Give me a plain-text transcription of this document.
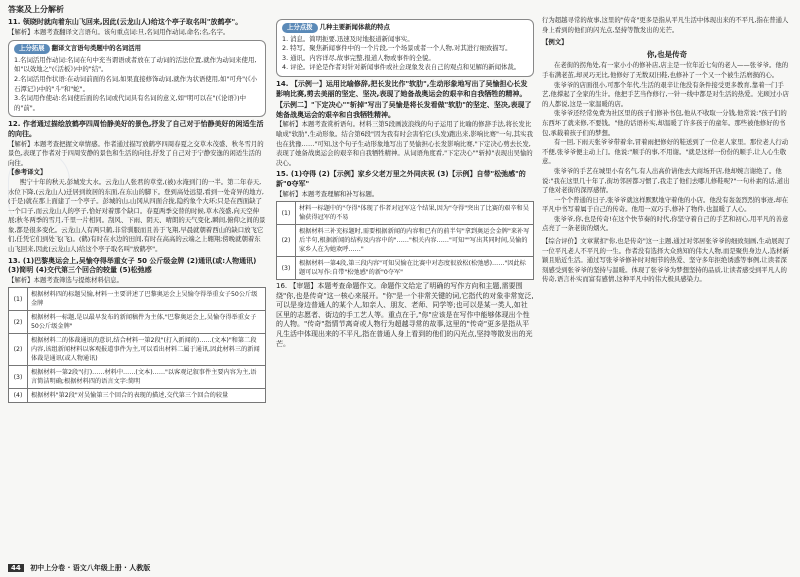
答案及上分解析

11. 领晓时就向着东山飞回来,因此(云龙山人)给这个亭子取名叫"放鹤亭"。

【解析】本题考查翻译文言语句。该句重点词:旦,名词用作动词,命名;名,名字。

上分拓展 翻译文言语句类题中的名词活用

1.名词活用作动词:名词在句中充当谓语或者放在了动词的活法位置,就作为动词来使用,如"以效地之"(《活板》)中的"结"。

2.名词活用作状语:在动词前面的名词,如果直接修饰动词,就作为状语使用,如"可舟"(《小石潭记》)中的"斗"和"蛇"。

3.名词用作使动:名词使后面的名词或代词具有名词的意义,如"明可以在"(《论语》)中的"前"。

12. 作者通过描绘放鹤亭四周怡静美好的景色,抒发了自己对于怡静美好的闲适生活的向往。

【解析】本题考查把握文章情感。作者通过描写放鹤亭四周春夏之交草木茂盛、秋冬雪月的景色,表现了作者对于四周安静的景色和生活的向往,抒发了自己对于宁静安逸的闲适生活的向往。

【参考译文】

熙宁十年的秋天,彭城发大水。云龙山人张君的草堂,(被)水淹到门的一半。第二年春天,水位下降,(云龙山人)迁居到故居的东面,在东山的脚下。登到高处远望,看到一处奇异的地方,(于是)就在那上面建了一个亭子。彭城的山,山冈从四面合拢,隐约象个大环;只是在西面缺了一个口子,而云龙山人的亭子,恰好对着那个缺口。春夏两季交替的时候,草木茂盛,向天空伸展;秋冬两季的雪月,千里一片相同。刮风、下雨、阴天、晴朗的天气变化,瞬间,俯仰之间的景象,都是很多变化。云龙山人有两只鹤,非常驯服而且善于飞翔,早晨就朝着西山的缺口放飞它们,任凭它们到处飞(飞)。(鹤)有时在水边的田间,有时在高高的云端之上翱翔;傍晚就朝着东山飞回来,因此(云龙山人)给这个亭子取名叫"放鹤亭"。

13. (1)巴黎奥运会上,吴愉夺得举重女子 50 公斤级金牌 (2)通讯(或:人物通讯) (3)简明 (4)交代第三个回合的较量 (5)松弛感

【解析】本题考查筛选与提炼材料信息。

(1)	根据材料四的标题吴愉,材料一主要讲述了巴黎奥运会上吴愉夺得举重女子50公斤级金牌
(2)	根据材料一标题,是以最早发布的新闻稿件为主体,"巴黎奥运会上,吴愉夺得举重女子50公斤级金牌"
(2)	根据材料二的体裁通讯的意识,结合材料一第2段"(打入新闻的)……(文本)"和第二段内容,该组新闻材料以客观报道事件为主,可以看出材料二属于通讯,因此材料三的新闻体裁是通讯(或人物通讯)
(3)	根据材料一第2段"(打)……材料中……(文本)……"以客观记叙事件主要内容为主,语言简洁明确;根据材料四的语言文字:简明
(4)	根据材料"第2段"对吴愉第三个回合的表现的描述,交代第三个回合的较量
上分点拨 几种主要新闻体裁的特点

1. 消息。简明扼要,迅速及时地报道新闻事实。

2. 特写。聚焦新闻事件中的一个片段,一个场景或者一个人物,对其进行细致描写。

3. 通讯。内容详尽,故事完整,报道人物或事件的全貌。

4. 评论。评论是作者对针对新闻事件或社会现象发表自己的观点和见解的新闻体裁。

14. 【示例一】运用比喻修辞,把长发比作"软肋",生动形象地写出了吴愉担心长发影响比赛,剪去美丽的坚定、坚决,表现了她备战奥运会的艰辛和自我牺牲的精神。

【示例二】"下定决心""斩掉"写出了吴愉是将长发看做"软肋"的坚定、坚决,表现了她备战奥运会的艰辛和自我牺牲精神。

【解析】本题考查赏析语句。材料三第5段画波浪线的句子运用了比喻的修辞手法,将长发比喻成"软肋",生动形象。结合第6段"因为我有时会害怕它(头发)跑出来,影响比赛"一句,其实我也在犹豫……"可知,这个句子生动形象地写出了吴愉担心长发影响比赛,"下定决心剪去长发,表现了她备战奥运会的艰辛和自我牺牲精神。从词语角度看,"下定决心""斩掉"表现出吴愉的决心。

15. (1)夺得 (2)【示例】家乡父老万里之外同庆祝 (3)【示例】自带"松弛感"的新"0夺军"

【解析】本题考查理解和补写标题。

(1)	材料一标题中的"夺得"体现了作者对冠军这个结果,因为"夺得"突出了比赛的艰辛和吴愉获得冠军的不易
(2)	根据材料三补充标题时,需要根据新闻的内容和已有的前半句"拿到奥运会金牌"来补写后半句,根据新闻的结构及内容中的"……"相关内容……"可知""写出其同时间,吴愉的家乡人在为她欢呼……"
(3)	根据材料一第4段,第三段内容"可知吴愉在比赛中对态度很放松(松弛感)……"因此标题可以写作:自带"松弛感"的新"0夺军"

16. 【审题】本题考查命题作文。命题作文给定了明确的写作方向和主题,需要围绕"你,也是传奇"这一核心来展开。"你"是一个非常关键的词,它指代的对象非常宽泛,可以是身边普通人的某个人,如亲人、朋友、老师、同学等;也可以是某一类人,如社区里的志愿者、街边的手工艺人等。重点在于,"你"应该是在写作中能够体现出个性的人物。"传奇"指情节离奇或人物行为超越寻常的故事,这里的"传奇"更多是指从平凡生活中体现出来的不平凡,指在普通人身上看到的他们的闪光点,坚持等散发出的光芒。

行为超越寻常的故事,这里的"传奇"更多是指从平凡生活中体现出来的不平凡,指在普通人身上看到的他们的闪光点,坚持等散发出的光芒。

【例文】

你,也是传奇

在老街的拐角处,有一家小小的修补店,店主是一位年近七旬的老人——张爷爷。他的手布满老茧,却灵巧无比,他修好了无数双旧鞋,也修补了一个又一个被生活磨损的心。

张爷爷的店面很小,可那个年代,生活的艰辛让他没有条件接受更多教育,靠着一门手艺,他撑起了全家的生计。他把手艺当作修行,一针一线中都是对生活的热爱。光顾过小店的人都说,这是一家温暖的店。

张爷爷还经常免费为社区里的孩子们修补书包,他从不收取一分钱,他常说:"孩子们的东西坏了就来修,不要钱。"他的话语朴实,却温暖了许多孩子的童年。那些被他修好的书包,承载着孩子们的梦想。

有一回,下雨天张爷爷带着伞,冒着雨把修好的鞋送到了一位老人家里。那位老人行动不便,张爷爷便主动上门。他说:"顺手的事,不用谢。"就是这样一份份的顺手,让人心生敬意。

张爷爷的手艺在城里小有名气,有人出高价请他去大商场开店,他却婉言谢绝了。他说:"我在这里几十年了,街坊邻居都习惯了,我走了他们去哪儿修鞋呢?"一句朴素的话,道出了他对老街的深厚感情。

一个个普通的日子,张爷爷就这样默默地守着他的小店。他没有轰轰烈烈的事迹,却在平凡中书写着属于自己的传奇。他用一双巧手,修补了物件,也温暖了人心。

张爷爷,你,也是传奇!在这个快节奏的时代,你坚守着自己的手艺和初心,用平凡的善意点亮了一条老街的烟火。

【综合评价】文章紧扣"你,也是传奇"这一主题,通过对邻居张爷爷的细致刻画,生动展现了一位平凡老人不平凡的一生。作者没有选择大众熟知的伟大人物,而是聚焦身边人,选材新颖且贴近生活。通过写张爷爷修补时对细节的热爱、坚守多年拒绝诱惑等事例,让读者深刻感受到张爷爷的坚持与温暖。体现了张爷爷为梦想坚持的品质,让读者感受到平凡人的传奇,语言朴实而富有感情,这种平凡中的伟大极具感染力。

44 初中上分卷 · 语文八年级上册 · 人教版
